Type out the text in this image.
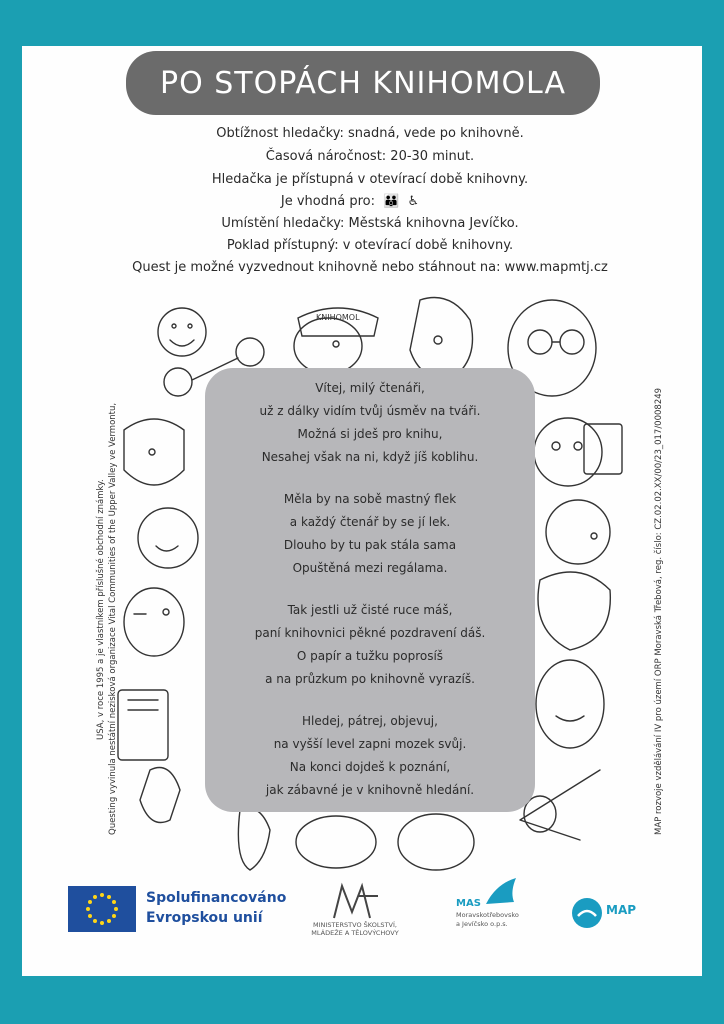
PO STOPÁCH KNIHOMOLA
Obtížnost hledačky: snadná, vede po knihovně.
Časová náročnost: 20-30 minut.
Hledačka je přístupná v otevírací době knihovny.
Je vhodná pro: 👪 ♿
Umístění hledačky: Městská knihovna Jevíčko.
Poklad přístupný: v otevírací době knihovny.
Quest je možné vyzvednout knihovně nebo stáhnout na: www.mapmtj.cz
Questing vyvinula nestátní nezisková organizace Vital Communities of the Upper Valley ve Vermontu,
USA, v roce 1995 a je vlastníkem příslušné obchodní známky.
KNIHOMOL
MAP rozvoje vzdělávání IV pro území ORP Moravská Třebová, reg. číslo: CZ.02.02.XX/00/23_017/0008249
Vítej, milý čtenáři,
už z dálky vidím tvůj úsměv na tváři.
Možná si jdeš pro knihu,
Nesahej však na ni, když jíš koblihu.
Měla by na sobě mastný flek
a každý čtenář by se jí lek.
Dlouho by tu pak stála sama
Opuštěná mezi regálama.
Tak jestli už čisté ruce máš,
paní knihovnici pěkné pozdravení dáš.
O papír a tužku poprosíš
a na průzkum po knihovně vyrazíš.
Hledej, pátrej, objevuj,
na vyšší level zapni mozek svůj.
Na konci dojdeš k poznání,
jak zábavné je v knihovně hledání.
Spolufinancováno
Evropskou unií	MINISTERSTVO ŠKOLSTVÍ,
MLÁDEŽE A TĚLOVÝCHOVY
MAS
Moravskotřebovsko
a Jevíčsko o.p.s.
MAP
